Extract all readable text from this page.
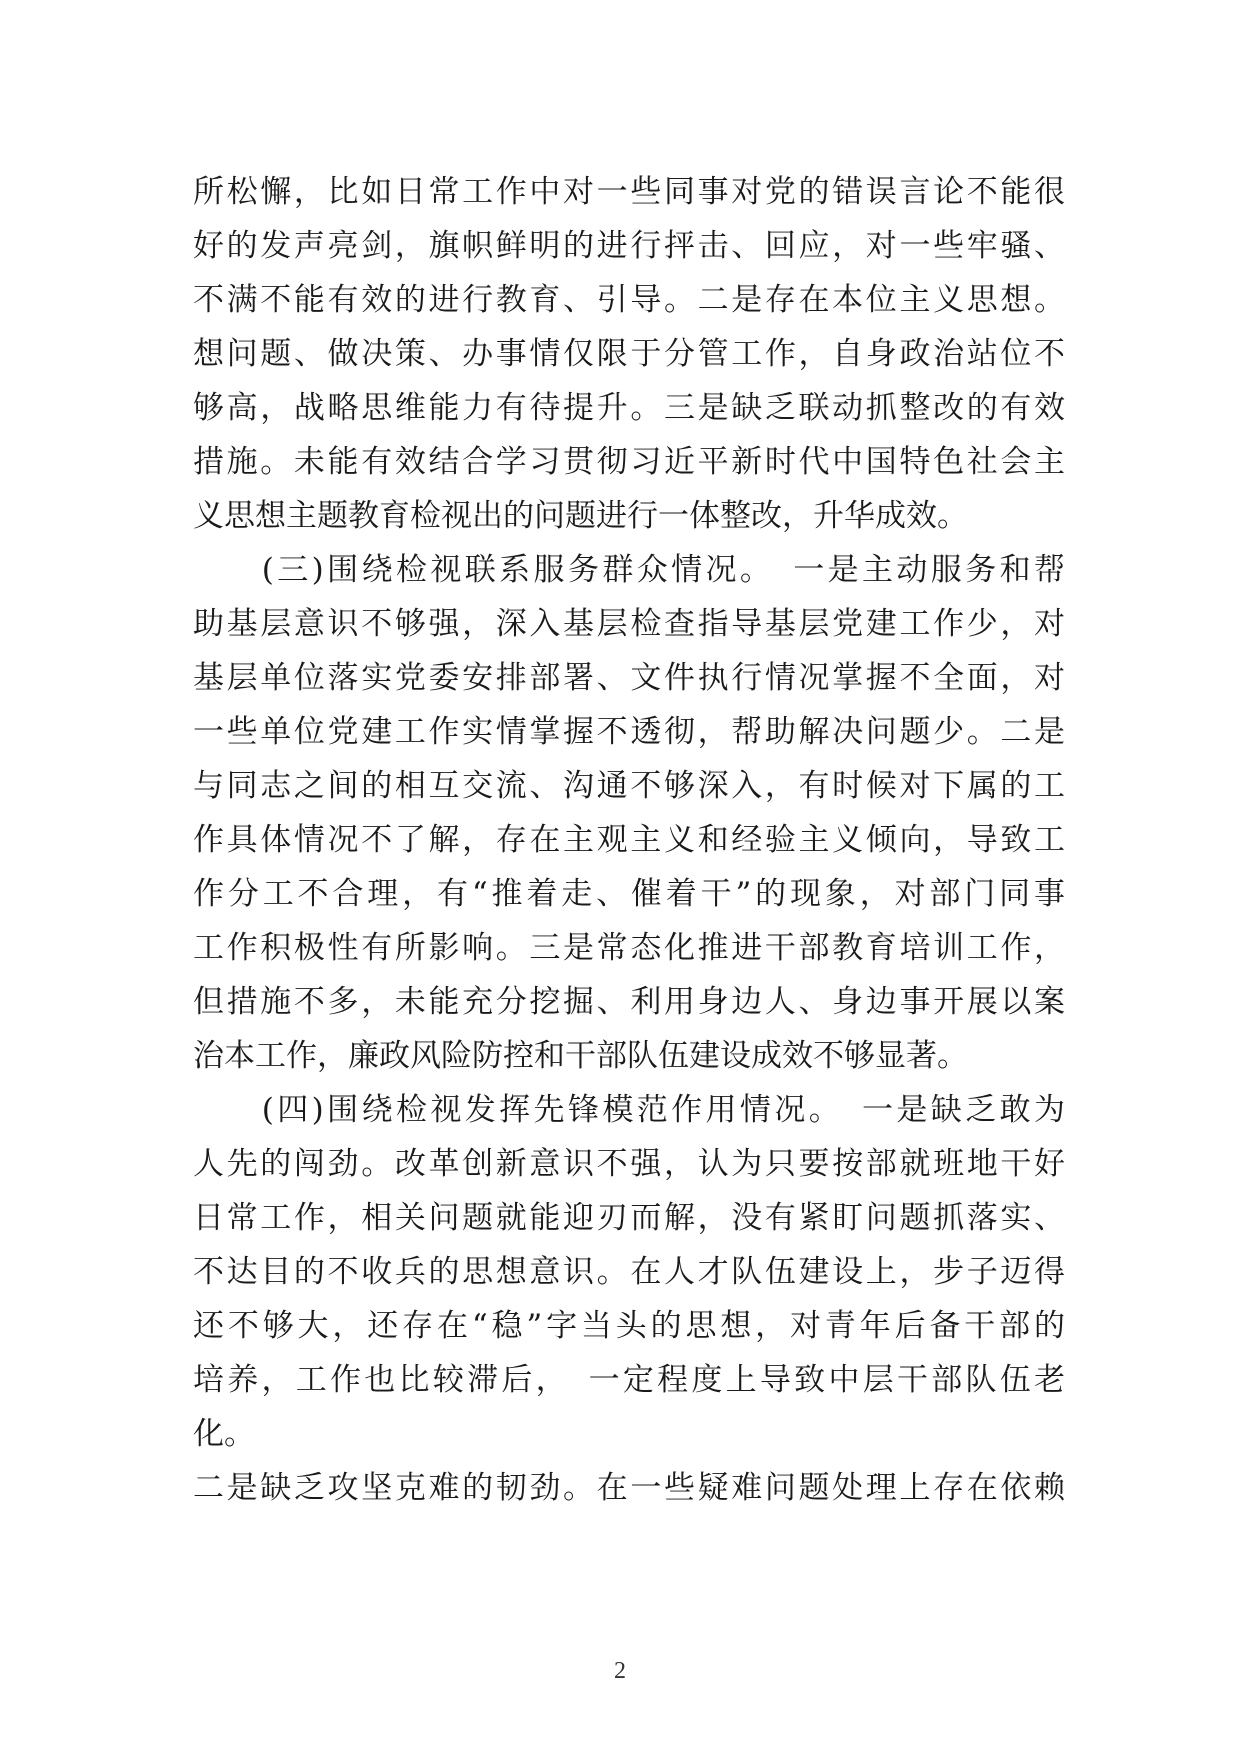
所松懈，比如日常工作中对一些同事对党的错误言论不能很
好的发声亮剑，旗帜鲜明的进行抨击、回应，对一些牢骚、
不满不能有效的进行教育、引导。二是存在本位主义思想。
想问题、做决策、办事情仅限于分管工作，自身政治站位不
够高，战略思维能力有待提升。三是缺乏联动抓整改的有效
措施。未能有效结合学习贯彻习近平新时代中国特色社会主
义思想主题教育检视出的问题进行一体整改，升华成效。
　　(三)围绕检视联系服务群众情况。　一是主动服务和帮
助基层意识不够强，深入基层检查指导基层党建工作少，对
基层单位落实党委安排部署、文件执行情况掌握不全面，对
一些单位党建工作实情掌握不透彻，帮助解决问题少。二是
与同志之间的相互交流、沟通不够深入，有时候对下属的工
作具体情况不了解，存在主观主义和经验主义倾向，导致工
作分工不合理，有“推着走、催着干”的现象，对部门同事
工作积极性有所影响。三是常态化推进干部教育培训工作，
但措施不多，未能充分挖掘、利用身边人、身边事开展以案
治本工作，廉政风险防控和干部队伍建设成效不够显著。
　　(四)围绕检视发挥先锋模范作用情况。　一是缺乏敢为
人先的闯劲。改革创新意识不强，认为只要按部就班地干好
日常工作，相关问题就能迎刃而解，没有紧盯问题抓落实、
不达目的不收兵的思想意识。在人才队伍建设上，步子迈得
还不够大，还存在“稳”字当头的思想，对青年后备干部的
培养，工作也比较滞后，　一定程度上导致中层干部队伍老
化。
二是缺乏攻坚克难的韧劲。在一些疑难问题处理上存在依赖
2
